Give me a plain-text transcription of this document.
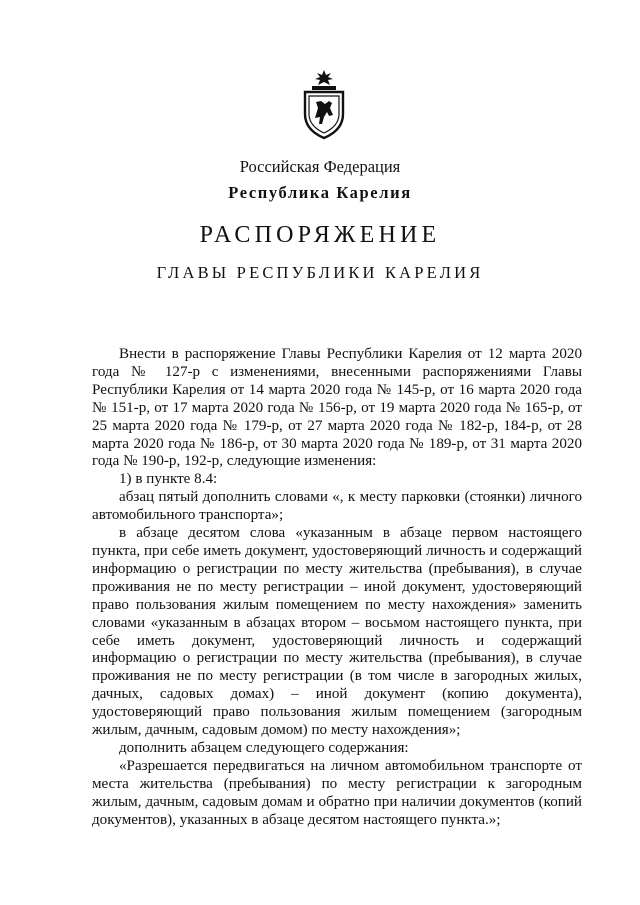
Российская Федерация
Республика Карелия
РАСПОРЯЖЕНИЕ
ГЛАВЫ РЕСПУБЛИКИ КАРЕЛИЯ

Внести в распоряжение Главы Республики Карелия от 12 марта 2020 года № 127-р с изменениями, внесенными распоряжениями Главы Республики Карелия от 14 марта 2020 года № 145-р, от 16 марта 2020 года № 151-р, от 17 марта 2020 года № 156-р, от 19 марта 2020 года № 165-р, от 25 марта 2020 года № 179-р, от 27 марта 2020 года № 182-р, 184-р, от 28 марта 2020 года № 186-р, от 30 марта 2020 года № 189-р, от 31 марта 2020 года № 190-р, 192-р, следующие изменения:

1) в пункте 8.4:

абзац пятый дополнить словами «, к месту парковки (стоянки) личного автомобильного транспорта»;

в абзаце десятом слова «указанным в абзаце первом настоящего пункта, при себе иметь документ, удостоверяющий личность и содержащий информацию о регистрации по месту жительства (пребывания), в случае проживания не по месту регистрации – иной документ, удостоверяющий право пользования жилым помещением по месту нахождения» заменить словами «указанным в абзацах втором – восьмом настоящего пункта, при себе иметь документ, удостоверяющий личность и содержащий информацию о регистрации по месту жительства (пребывания), в случае проживания не по месту регистрации (в том числе в загородных жилых, дачных, садовых домах) – иной документ (копию документа), удостоверяющий право пользования жилым помещением (загородным жилым, дачным, садовым домом) по месту нахождения»;

дополнить абзацем следующего содержания:

«Разрешается передвигаться на личном автомобильном транспорте от места жительства (пребывания) по месту регистрации к загородным жилым, дачным, садовым домам и обратно при наличии документов (копий документов), указанных в абзаце десятом настоящего пункта.»;
